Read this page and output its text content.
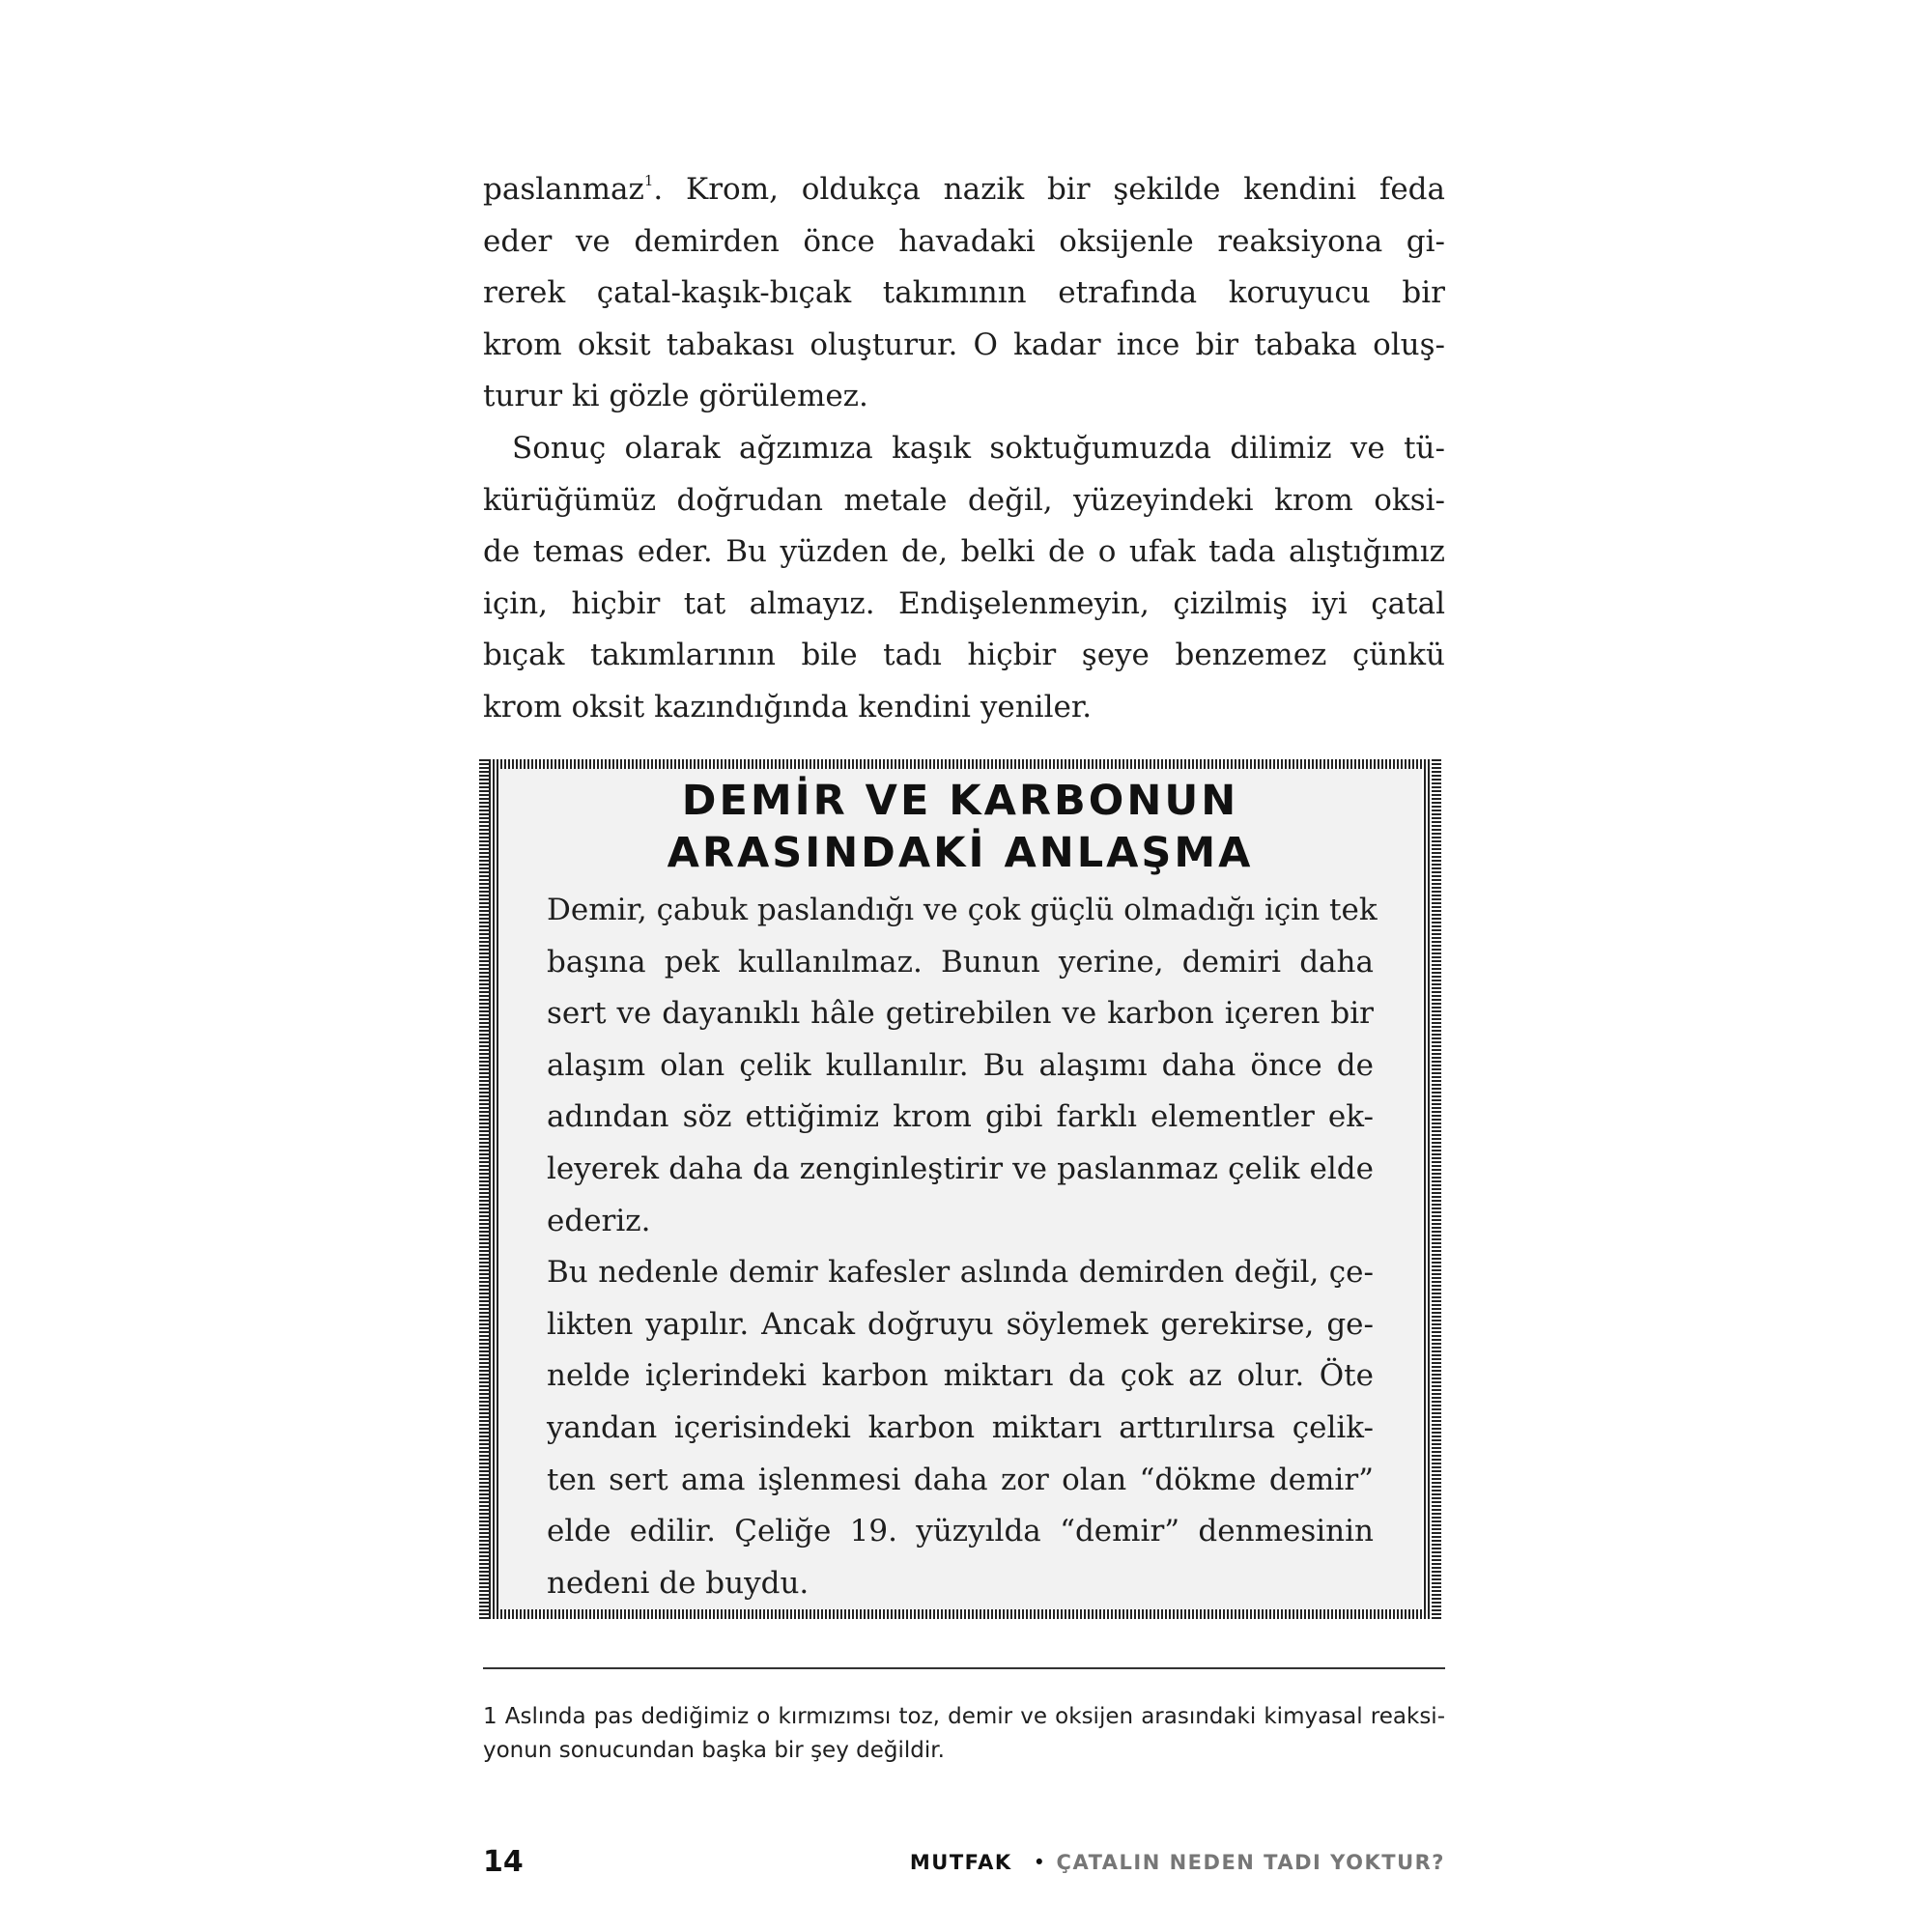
paslanmaz$^1$. Krom, oldukça nazik bir şekilde kendini feda
eder ve demirden önce havadaki oksijenle reaksiyona gi-
rerek çatal-kaşık-bıçak takımının etrafında koruyucu bir
krom oksit tabakası oluşturur. O kadar ince bir tabaka oluş-
turur ki gözle görülemez.

Sonuç olarak ağzımıza kaşık soktuğumuzda dilimiz ve tü-
kürüğümüz doğrudan metale değil, yüzeyindeki krom oksi-
de temas eder. Bu yüzden de, belki de o ufak tada alıştığımız
için, hiçbir tat almayız. Endişelenmeyin, çizilmiş iyi çatal
bıçak takımlarının bile tadı hiçbir şeye benzemez çünkü
krom oksit kazındığında kendini yeniler.

DEMİR VE KARBONUN
ARASINDAKİ ANLAŞMA
Demir, çabuk paslandığı ve çok güçlü olmadığı için tek
başına pek kullanılmaz. Bunun yerine, demiri daha
sert ve dayanıklı hâle getirebilen ve karbon içeren bir
alaşım olan çelik kullanılır. Bu alaşımı daha önce de
adından söz ettiğimiz krom gibi farklı elementler ek-
leyerek daha da zenginleştirir ve paslanmaz çelik elde
ederiz.
Bu nedenle demir kafesler aslında demirden değil, çe-
likten yapılır. Ancak doğruyu söylemek gerekirse, ge-
nelde içlerindeki karbon miktarı da çok az olur. Öte
yandan içerisindeki karbon miktarı arttırılırsa çelik-
ten sert ama işlenmesi daha zor olan “dökme demir”
elde edilir. Çeliğe 19. yüzyılda “demir” denmesinin
nedeni de buydu.
1 Aslında pas dediğimiz o kırmızımsı toz, demir ve oksijen arasındaki kimyasal reaksi-
yonun sonucundan başka bir şey değildir.
14	MUTFAK • ÇATALIN NEDEN TADI YOKTUR?
